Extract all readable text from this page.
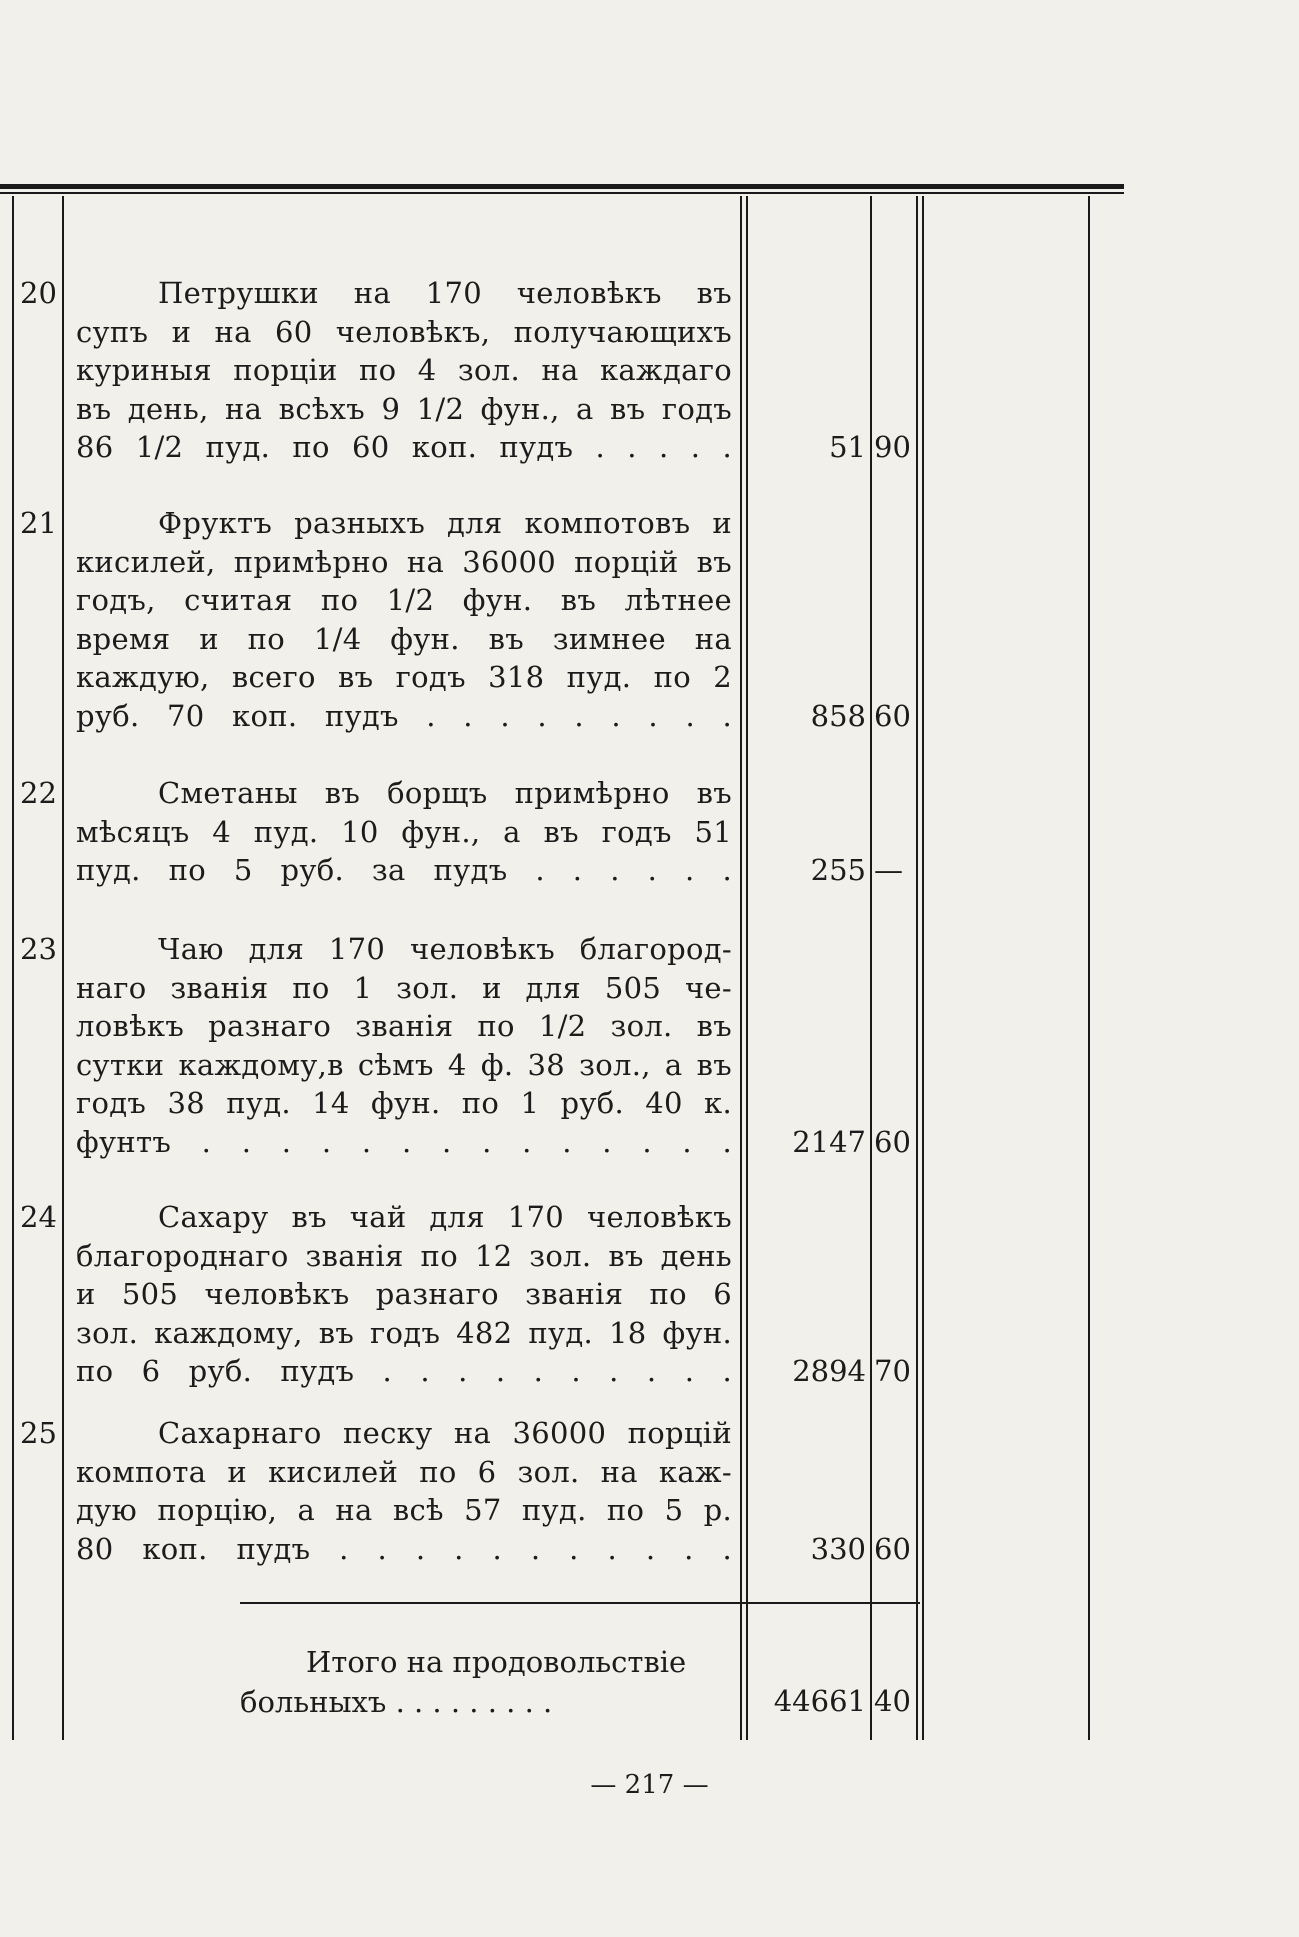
20	Петрушки на 170 человѣкъ въ
супъ и на 60 человѣкъ, получающихъ
куриныя порціи по 4 зол. на каждаго
въ день, на всѣхъ 9 1/2 фун., а въ годъ
86 1/2 пуд. по 60 коп. пудъ . . . . .	51 90
21	Фруктъ разныхъ для компотовъ и
кисилей, примѣрно на 36000 порцій въ
годъ, считая по 1/2 фун. въ лѣтнее
время и по 1/4 фун. въ зимнее на
каждую, всего въ годъ 318 пуд. по 2
руб. 70 коп. пудъ . . . . . . . . .	858 60
22	Сметаны въ борщъ примѣрно въ
мѣсяцъ 4 пуд. 10 фун., а въ годъ 51
пуд. по 5 руб. за пудъ . . . . . .	255 —
23	Чаю для 170 человѣкъ благород-
наго званія по 1 зол. и для 505 че-
ловѣкъ разнаго званія по 1/2 зол. въ
сутки каждому,в сѣмъ 4 ф. 38 зол., а въ
годъ 38 пуд. 14 фун. по 1 руб. 40 к.
фунтъ . . . . . . . . . . . . . .	2147 60
24	Сахару въ чай для 170 человѣкъ
благороднаго званія по 12 зол. въ день
и 505 человѣкъ разнаго званія по 6
зол. каждому, въ годъ 482 пуд. 18 фун.
по 6 руб. пудъ . . . . . . . . . .	2894 70
25	Сахарнаго песку на 36000 порцій
компота и кисилей по 6 зол. на каж-
дую порцію, а на всѣ 57 пуд. по 5 р.
80 коп. пудъ . . . . . . . . . . .	330 60
Итого на продовольствіе
больныхъ . . . . . . . . .	44661 40
— 217 —
